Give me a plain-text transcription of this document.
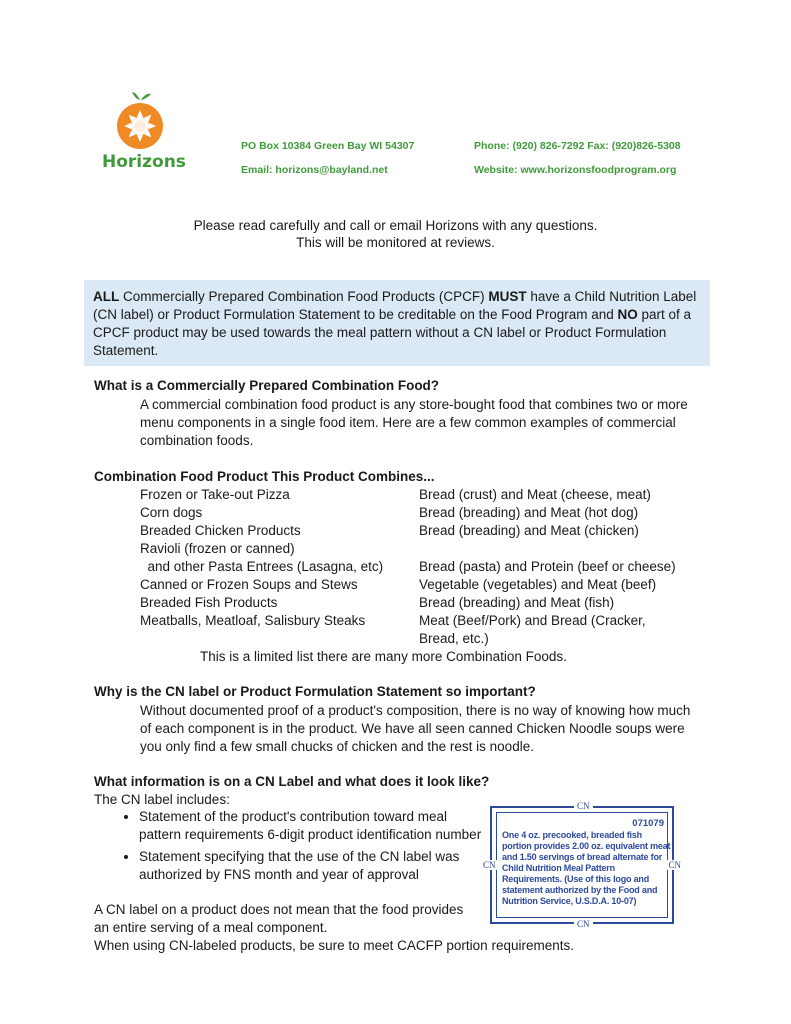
Horizons
PO Box 10384 Green Bay WI 54307
Email: horizons@bayland.net
Phone: (920) 826-7292 Fax: (920)826-5308
Website: www.horizonsfoodprogram.org
Please read carefully and call or email Horizons with any questions.
This will be monitored at reviews.
ALL Commercially Prepared Combination Food Products (CPCF) MUST have a Child Nutrition Label (CN label) or Product Formulation Statement to be creditable on the Food Program and NO part of a CPCF product may be used towards the meal pattern without a CN label or Product Formulation Statement.
What is a Commercially Prepared Combination Food?
A commercial combination food product is any store-bought food that combines two or more menu components in a single food item. Here are a few common examples of commercial combination foods.
Combination Food Product This Product Combines...
Frozen or Take-out Pizza	Bread (crust) and Meat (cheese, meat)
Corn dogs	Bread (breading) and Meat (hot dog)
Breaded Chicken Products	Bread (breading) and Meat (chicken)
Ravioli (frozen or canned)
and other Pasta Entrees (Lasagna, etc)	Bread (pasta) and Protein (beef or cheese)
Canned or Frozen Soups and Stews	Vegetable (vegetables) and Meat (beef)
Breaded Fish Products	Bread (breading) and Meat (fish)
Meatballs, Meatloaf, Salisbury Steaks	Meat (Beef/Pork) and Bread (Cracker,
Bread, etc.)
This is a limited list there are many more Combination Foods.
Why is the CN label or Product Formulation Statement so important?
Without documented proof of a product's composition, there is no way of knowing how much of each component is in the product. We have all seen canned Chicken Noodle soups were you only find a few small chucks of chicken and the rest is noodle.
What information is on a CN Label and what does it look like?
The CN label includes:
• Statement of the product's contribution toward meal pattern requirements 6-digit product identification number
• Statement specifying that the use of the CN label was authorized by FNS month and year of approval
A CN label on a product does not mean that the food provides an entire serving of a meal component.
When using CN-labeled products, be sure to meet CACFP portion requirements.
CN
CN
CN	CN
071079
One 4 oz. precooked, breaded fish portion provides 2.00 oz. equivalent meat and 1.50 servings of bread alternate for Child Nutrition Meal Pattern Requirements. (Use of this logo and statement authorized by the Food and Nutrition Service, U.S.D.A. 10-07)
